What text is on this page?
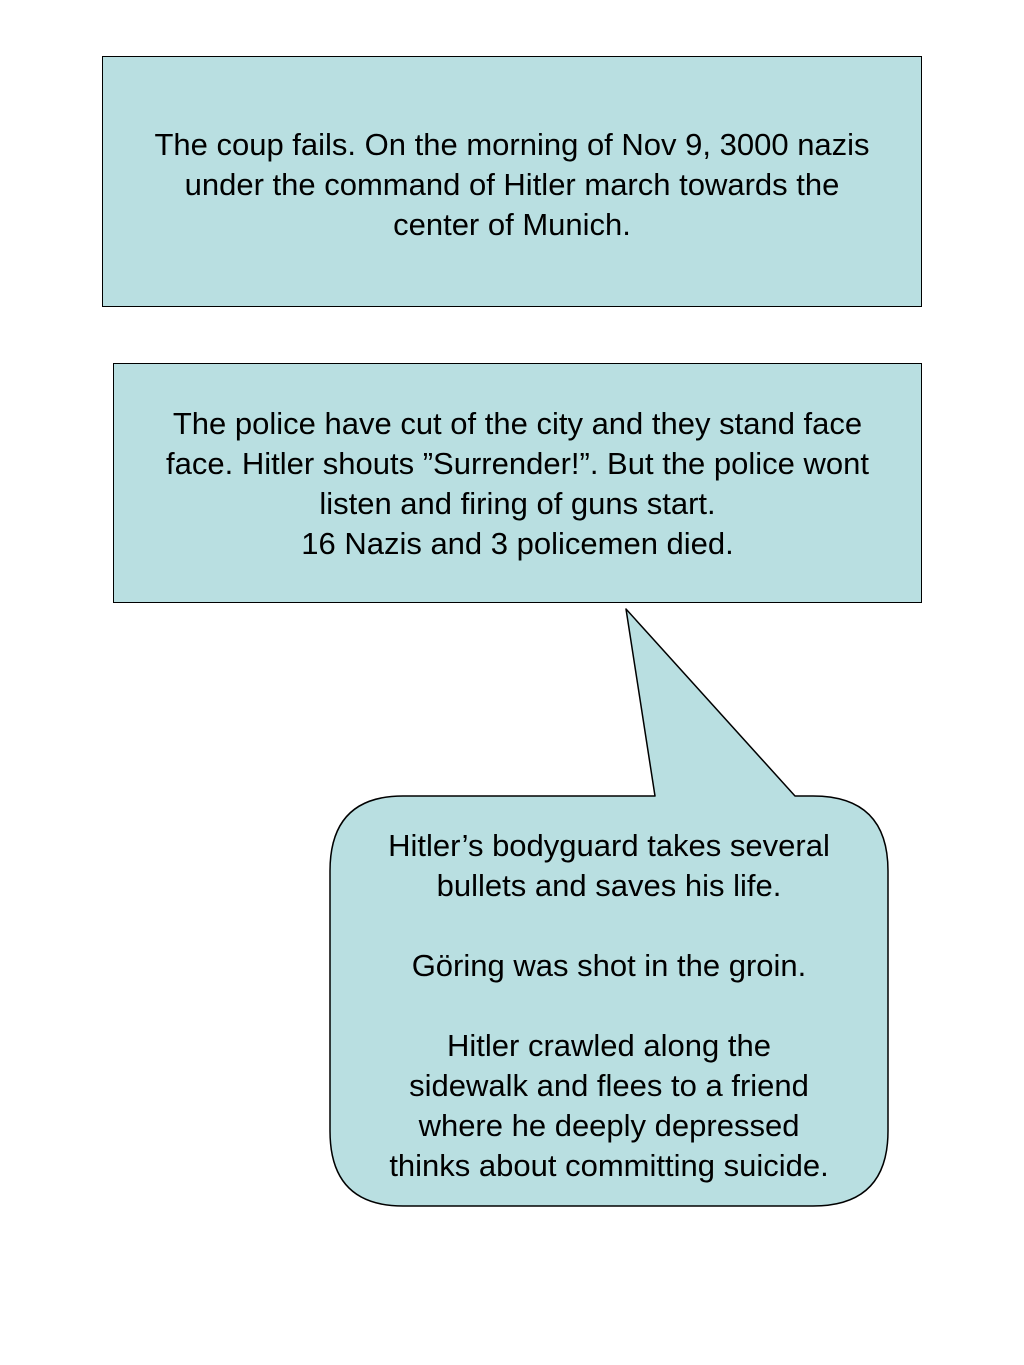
The coup fails. On the morning of Nov 9, 3000 nazis
under the command of Hitler march towards the
center of Munich.

The police have cut of the city and they stand face
face. Hitler shouts ”Surrender!”. But the police wont
listen and firing of guns start.
16 Nazis and 3 policemen died.

Hitler’s bodyguard takes several
bullets and saves his life.

Göring was shot in the groin.

Hitler crawled along the
sidewalk and flees to a friend
where he deeply depressed
thinks about committing suicide.
